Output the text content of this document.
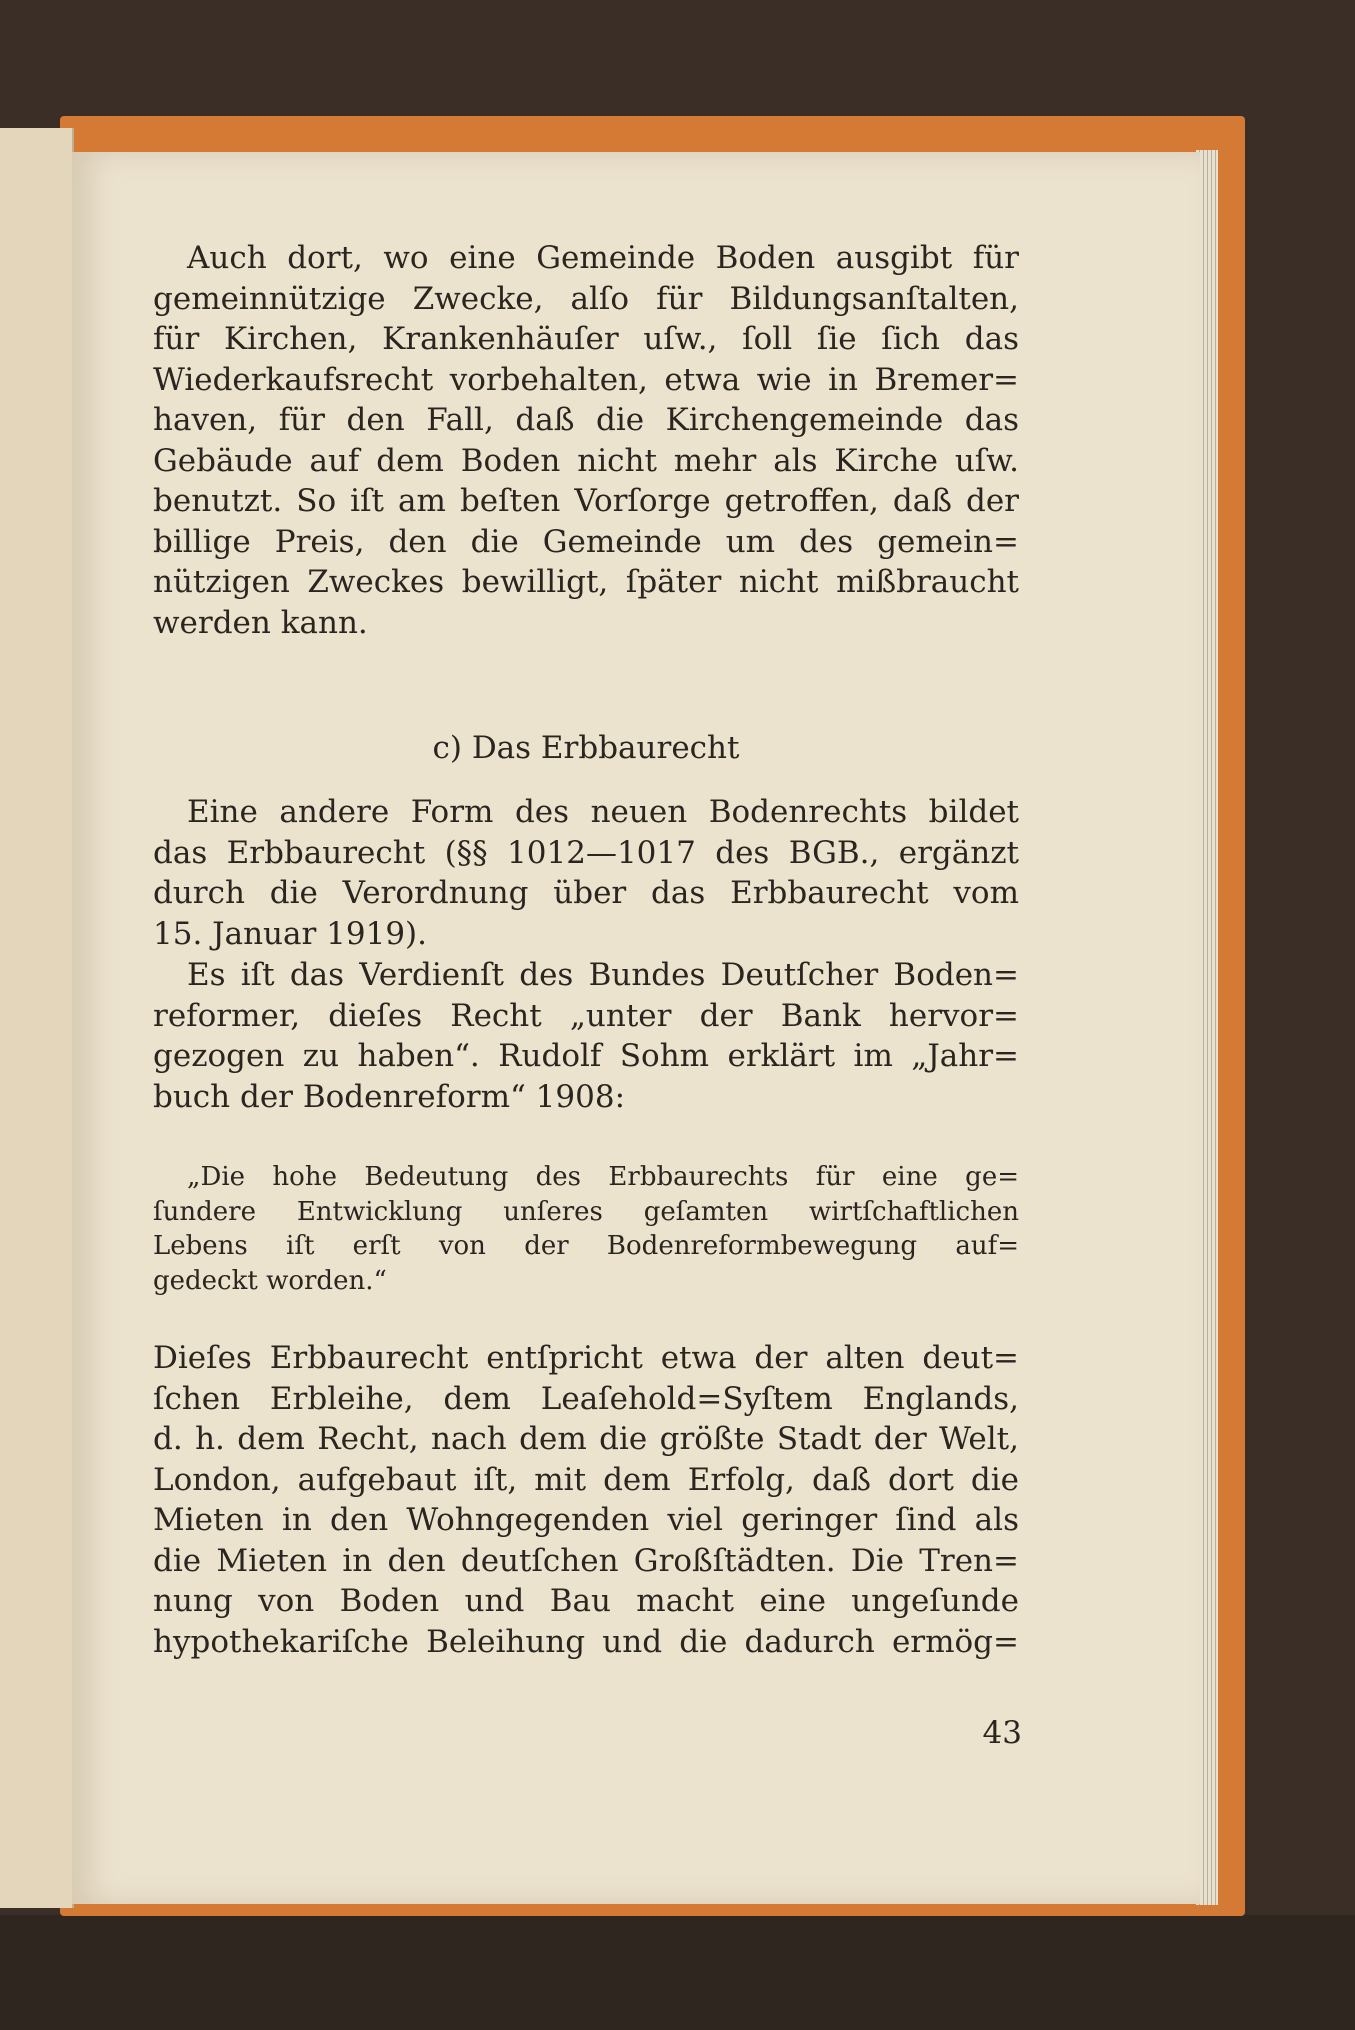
Auch dort, wo eine Gemeinde Boden ausgibt für
gemeinnützige Zwecke, alſo für Bildungsanſtalten,
für Kirchen, Krankenhäuſer uſw., ſoll ſie ſich das
Wiederkaufsrecht vorbehalten, etwa wie in Bremer=
haven, für den Fall, daß die Kirchengemeinde das
Gebäude auf dem Boden nicht mehr als Kirche uſw.
benutzt. So iſt am beſten Vorſorge getroffen, daß der
billige Preis, den die Gemeinde um des gemein=
nützigen Zweckes bewilligt, ſpäter nicht mißbraucht
werden kann.
c) Das Erbbaurecht
Eine andere Form des neuen Bodenrechts bildet
das Erbbaurecht (§§ 1012—1017 des BGB., ergänzt
durch die Verordnung über das Erbbaurecht vom
15. Januar 1919).
Es iſt das Verdienſt des Bundes Deutſcher Boden=
reformer, dieſes Recht „unter der Bank hervor=
gezogen zu haben“. Rudolf Sohm erklärt im „Jahr=
buch der Bodenreform“ 1908:
„Die hohe Bedeutung des Erbbaurechts für eine ge=
ſundere Entwicklung unſeres geſamten wirtſchaftlichen
Lebens iſt erſt von der Bodenreformbewegung auf=
gedeckt worden.“
Dieſes Erbbaurecht entſpricht etwa der alten deut=
ſchen Erbleihe, dem Leaſehold=Syſtem Englands,
d. h. dem Recht, nach dem die größte Stadt der Welt,
London, aufgebaut iſt, mit dem Erfolg, daß dort die
Mieten in den Wohngegenden viel geringer ſind als
die Mieten in den deutſchen Großſtädten. Die Tren=
nung von Boden und Bau macht eine ungeſunde
hypothekariſche Beleihung und die dadurch ermög=
43
